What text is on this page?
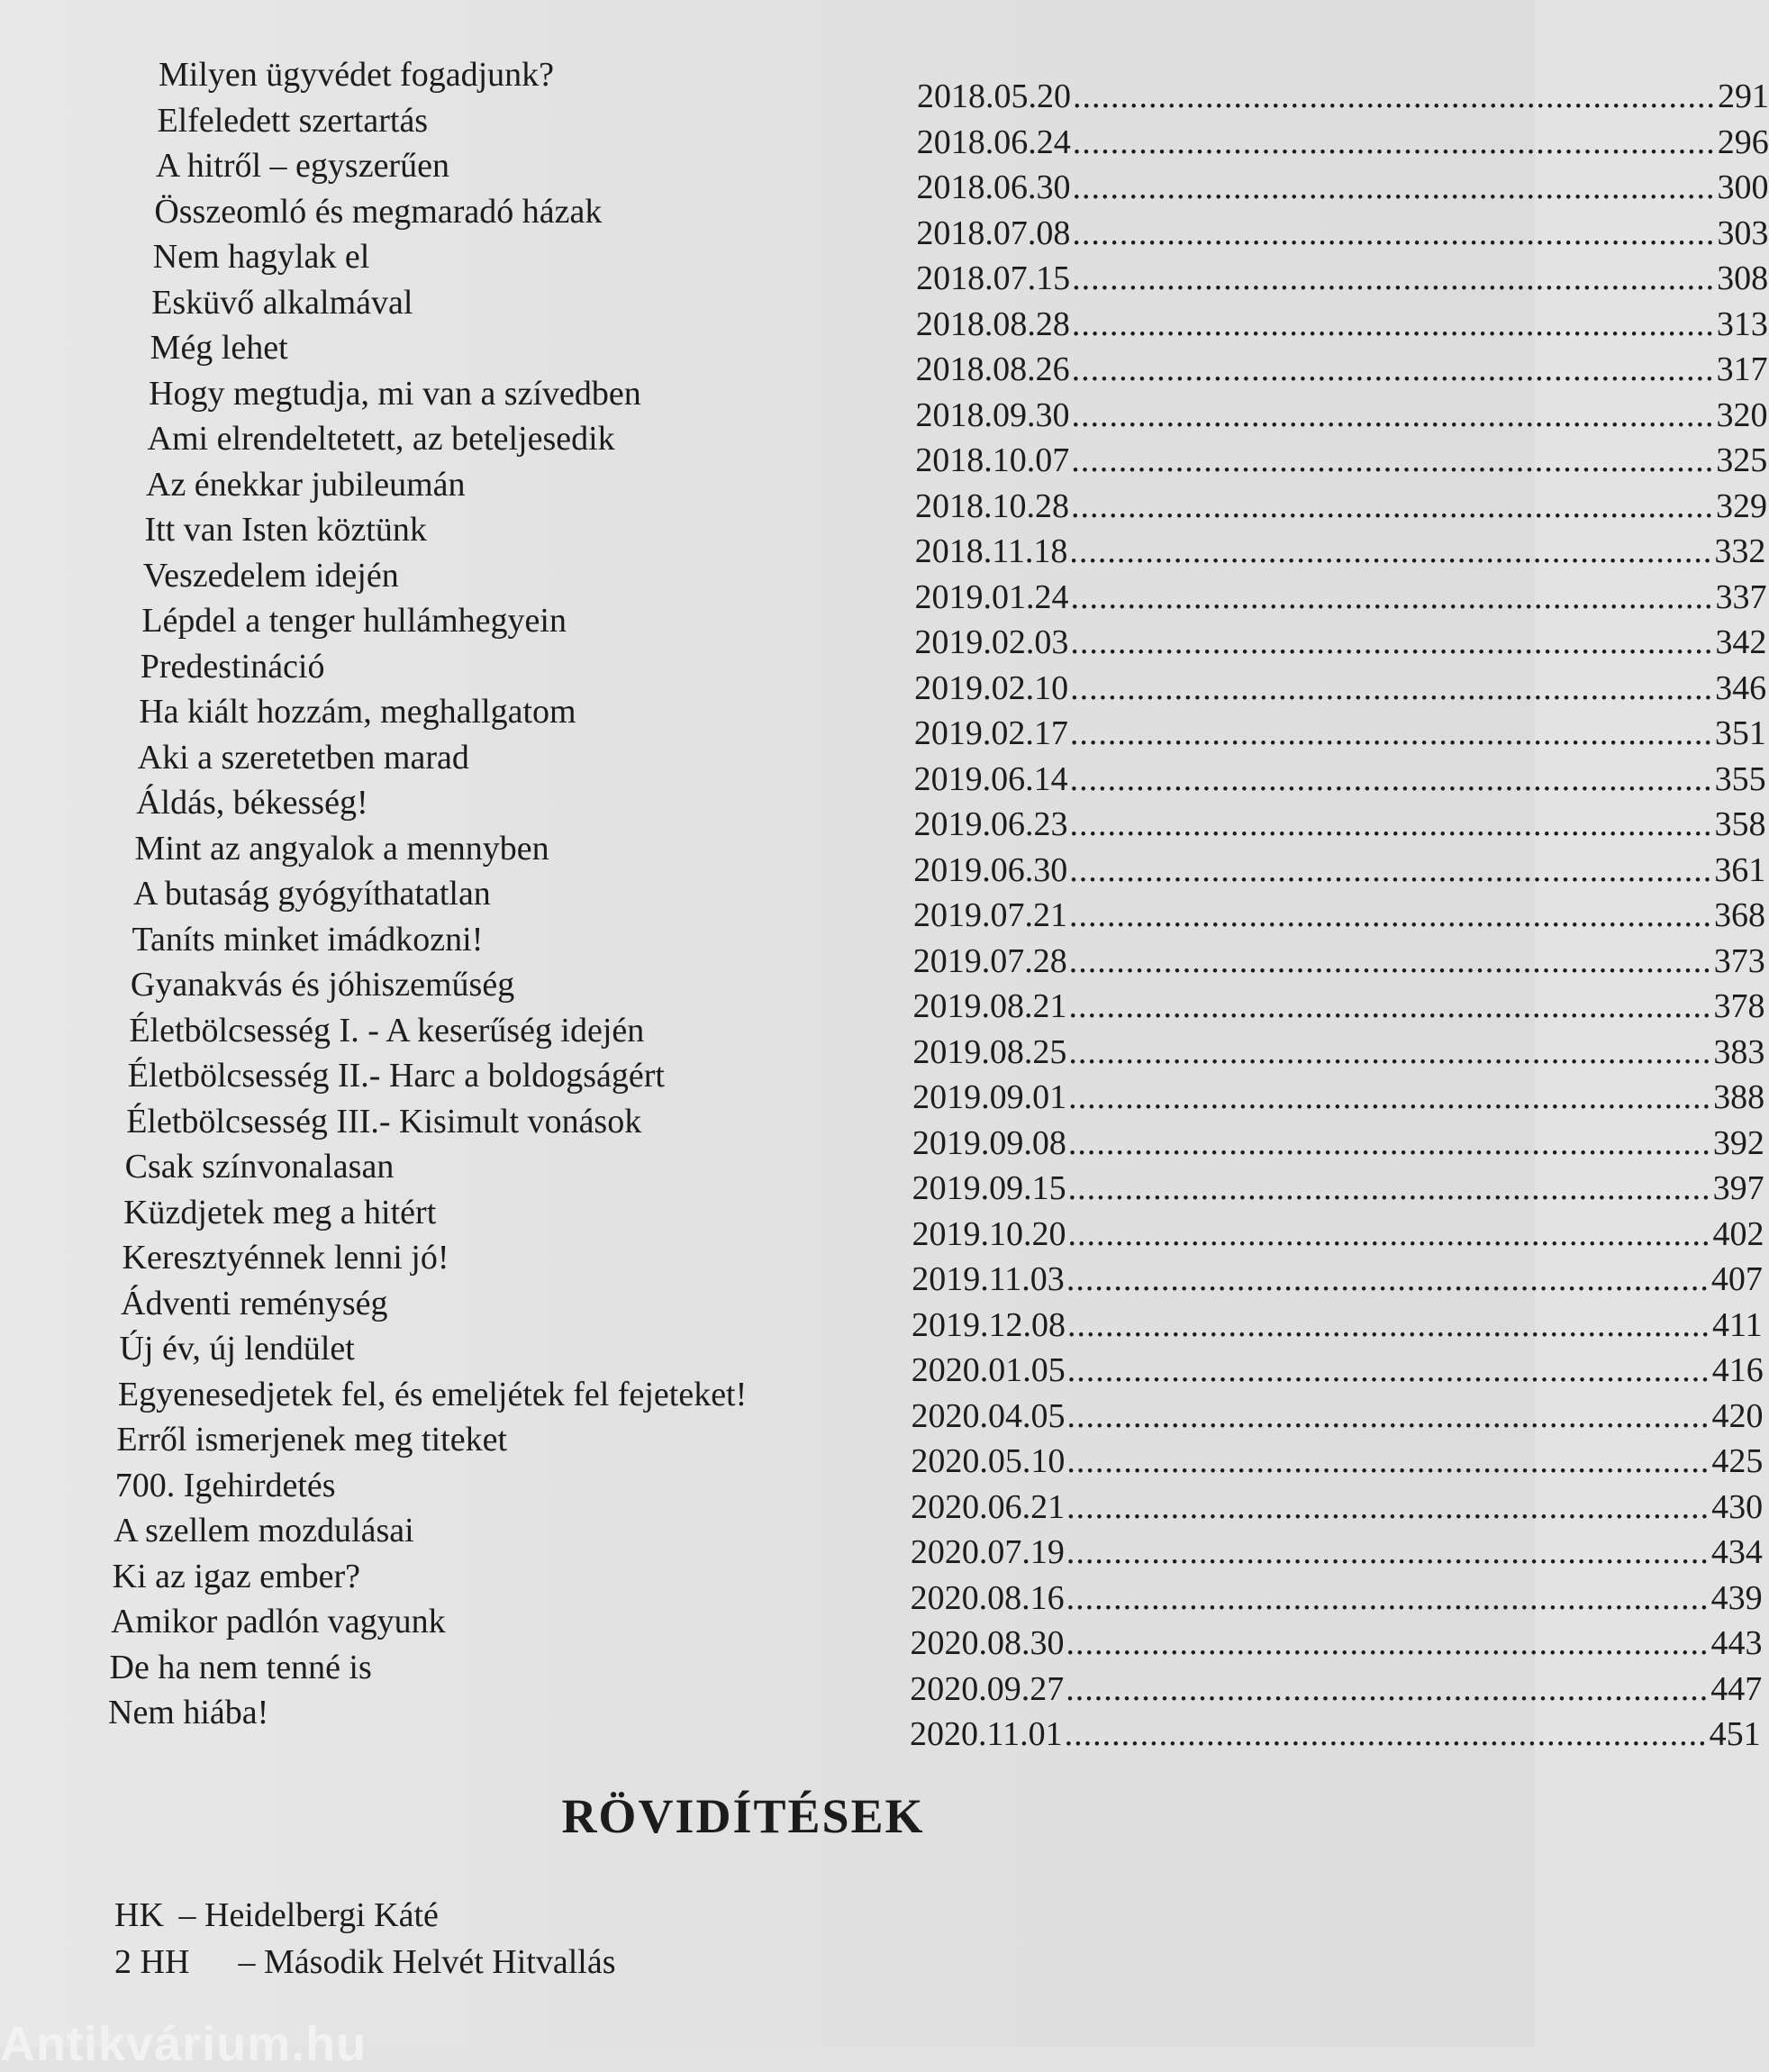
Milyen ügyvédet fogadjunk?
2018.05.20 .................................................................... 291
Elfeledett szertartás
2018.06.24 .................................................................... 296
A hitről – egyszerűen
2018.06.30 .................................................................... 300
Összeomló és megmaradó házak
2018.07.08 .................................................................... 303
Nem hagylak el
2018.07.15 .................................................................... 308
Esküvő alkalmával
2018.08.28 .................................................................... 313
Még lehet
2018.08.26 .................................................................... 317
Hogy megtudja, mi van a szívedben
2018.09.30 .................................................................... 320
Ami elrendeltetett, az beteljesedik
2018.10.07 .................................................................... 325
Az énekkar jubileumán
2018.10.28 .................................................................... 329
Itt van Isten köztünk
2018.11.18 .................................................................... 332
Veszedelem idején
2019.01.24 .................................................................... 337
Lépdel a tenger hullámhegyein
2019.02.03 .................................................................... 342
Predestináció
2019.02.10 .................................................................... 346
Ha kiált hozzám, meghallgatom
2019.02.17 .................................................................... 351
Aki a szeretetben marad
2019.06.14 .................................................................... 355
Áldás, békesség!
2019.06.23 .................................................................... 358
Mint az angyalok a mennyben
2019.06.30 .................................................................... 361
A butaság gyógyíthatatlan
2019.07.21 .................................................................... 368
Taníts minket imádkozni!
2019.07.28 .................................................................... 373
Gyanakvás és jóhiszeműség
2019.08.21 .................................................................... 378
Életbölcsesség I. - A keserűség idején
2019.08.25 .................................................................... 383
Életbölcsesség II.- Harc a boldogságért
2019.09.01 .................................................................... 388
Életbölcsesség III.- Kisimult vonások
2019.09.08 .................................................................... 392
Csak színvonalasan
2019.09.15 .................................................................... 397
Küzdjetek meg a hitért
2019.10.20 .................................................................... 402
Keresztyénnek lenni jó!
2019.11.03 .................................................................... 407
Ádventi reménység
2019.12.08 .................................................................... 411
Új év, új lendület
2020.01.05 .................................................................... 416
Egyenesedjetek fel, és emeljétek fel fejeteket!
2020.04.05 .................................................................... 420
Erről ismerjenek meg titeket
2020.05.10 .................................................................... 425
700. Igehirdetés
2020.06.21 .................................................................... 430
A szellem mozdulásai
2020.07.19 .................................................................... 434
Ki az igaz ember?
2020.08.16 .................................................................... 439
Amikor padlón vagyunk
2020.08.30 .................................................................... 443
De ha nem tenné is
2020.09.27 .................................................................... 447
Nem hiába!
2020.11.01 .................................................................... 451
RÖVIDÍTÉSEK
HK – Heidelbergi Káté
2 HH – Második Helvét Hitvallás
Antikvárium.hu
